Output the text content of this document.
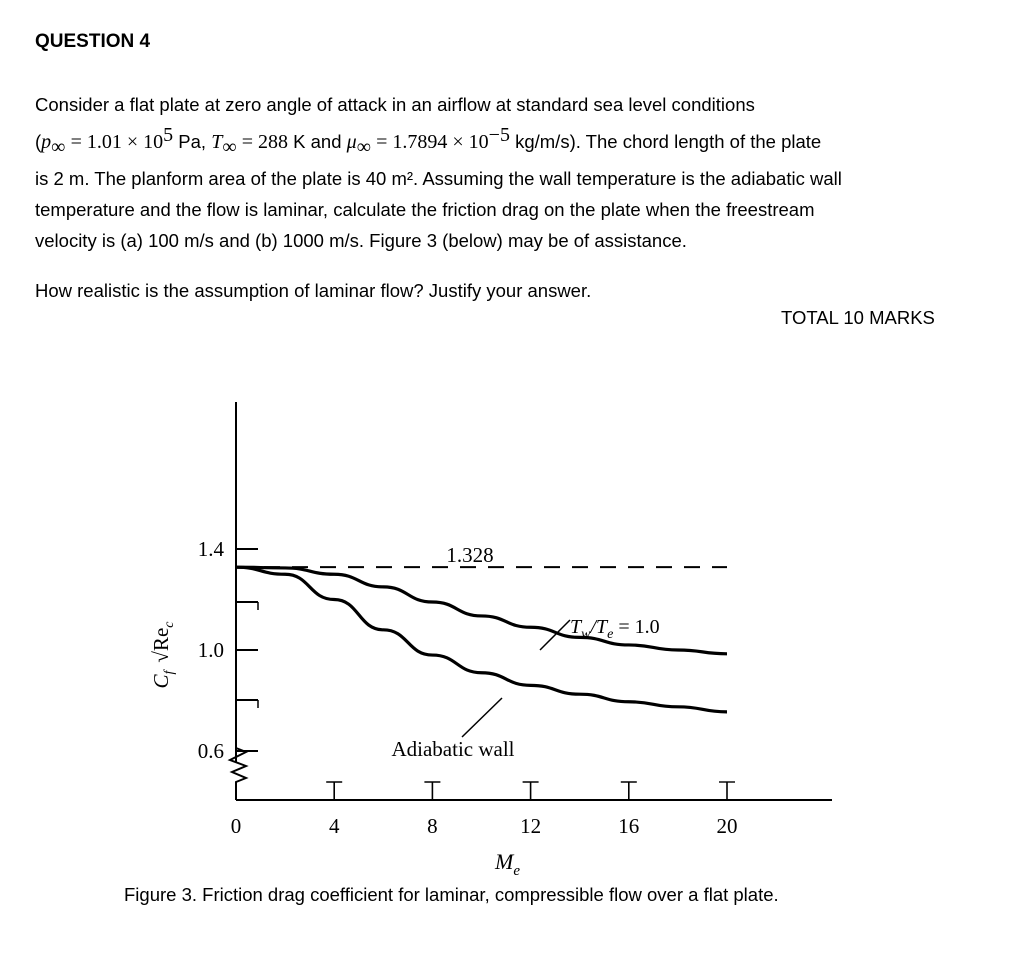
QUESTION 4
Consider a flat plate at zero angle of attack in an airflow at standard sea level conditions
($p_\infty = 1.01 \times 10^5$ Pa, $T_\infty = 288$ K and $\mu_\infty = 1.7894 \times 10^{-5}$ kg/m/s). The chord length of the plate
is 2 m. The planform area of the plate is 40 m². Assuming the wall temperature is the adiabatic wall
temperature and the flow is laminar, calculate the friction drag on the plate when the freestream
velocity is (a) 100 m/s and (b) 1000 m/s. Figure 3 (below) may be of assistance.
How realistic is the assumption of laminar flow? Justify your answer.
TOTAL 10 MARKS
0	4	8	12	16	20
1.4
1.0
0.6
1.328
$T_w/T_e = 1.0$
Adiabatic wall
$M_e$
$C_f√Re_c$
Figure 3. Friction drag coefficient for laminar, compressible flow over a flat plate.
